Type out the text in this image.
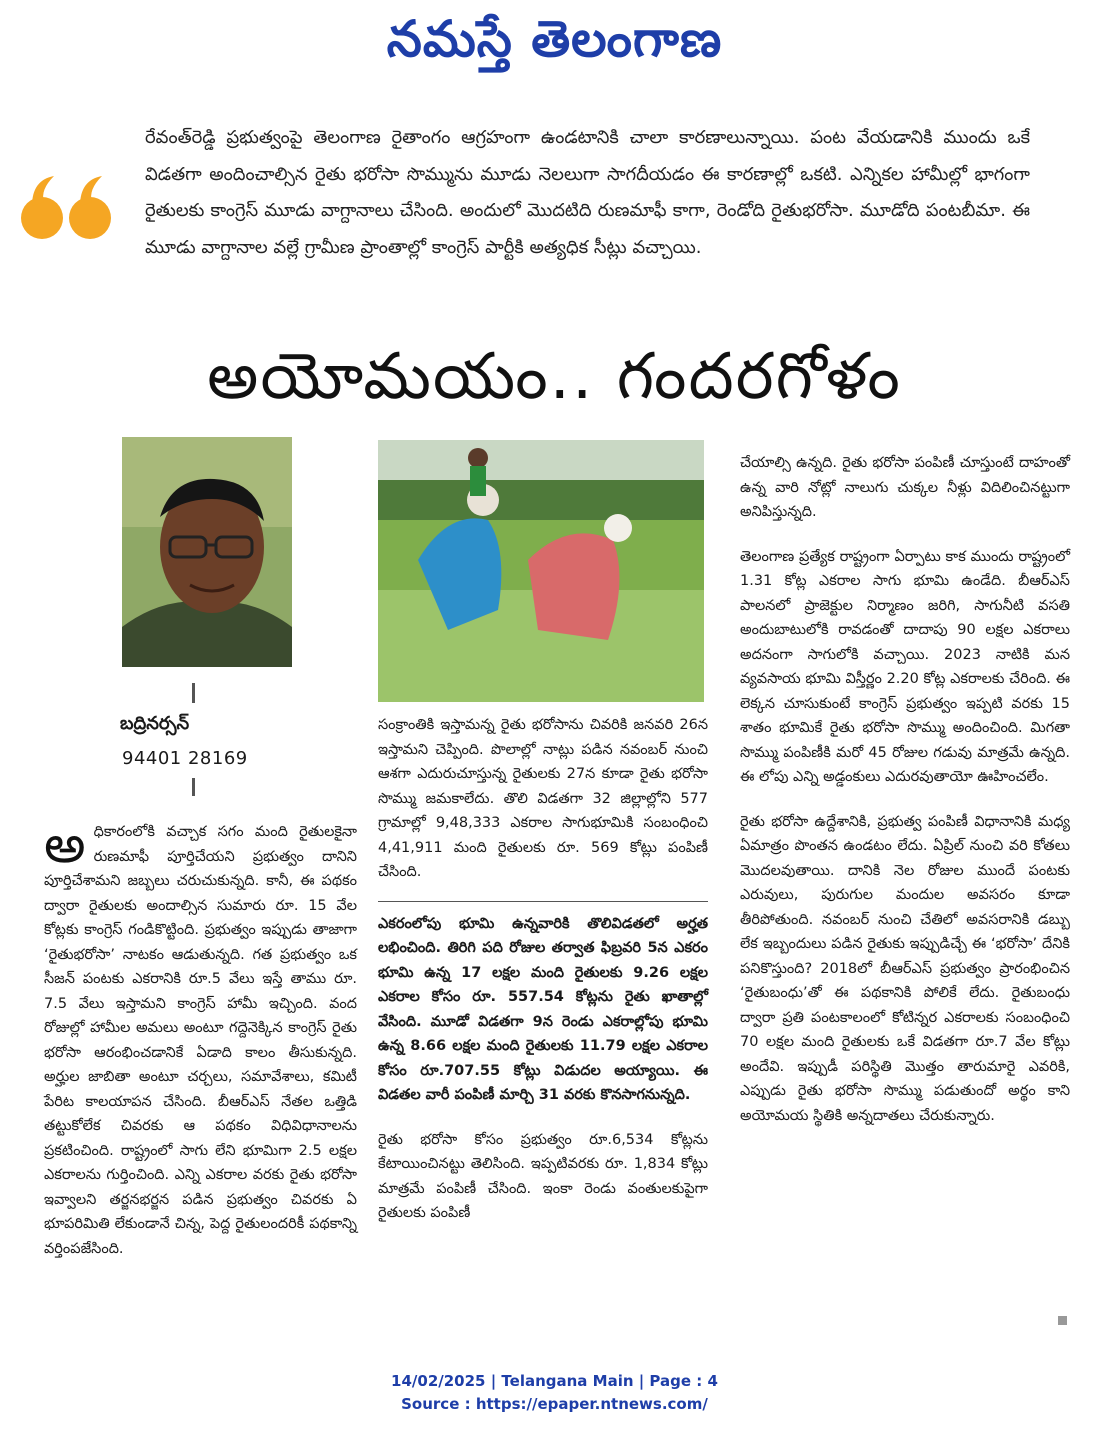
నమస్తే తెలంగాణ
రేవంత్‌రెడ్డి ప్రభుత్వంపై తెలంగాణ రైతాంగం ఆగ్రహంగా ఉండటానికి చాలా కారణాలున్నాయి. పంట వేయడానికి ముందు ఒకే విడతగా అందించాల్సిన రైతు భరోసా సొమ్మును మూడు నెలలుగా సాగదీయడం ఈ కారణాల్లో ఒకటి. ఎన్నికల హామీల్లో భాగంగా రైతులకు కాంగ్రెస్ మూడు వాగ్దానాలు చేసింది. అందులో మొదటిది రుణమాఫీ కాగా, రెండోది రైతుభరోసా. మూడోది పంటబీమా. ఈ మూడు వాగ్దానాల వల్లే గ్రామీణ ప్రాంతాల్లో కాంగ్రెస్ పార్టీకి అత్యధిక సీట్లు వచ్చాయి.
అయోమయం.. గందరగోళం
బద్రినర్సన్
94401 28169

అధికారంలోకి వచ్చాక సగం మంది రైతులకైనా రుణమాఫీ పూర్తిచేయని ప్రభుత్వం దానిని పూర్తిచేశామని జబ్బలు చరుచుకున్నది. కానీ, ఈ పథకం ద్వారా రైతులకు అందాల్సిన సుమారు రూ. 15 వేల కోట్లకు కాంగ్రెస్ గండికొట్టింది. ప్రభుత్వం ఇప్పుడు తాజాగా ‘రైతుభరోసా’ నాటకం ఆడుతున్నది. గత ప్రభుత్వం ఒక సీజన్ పంటకు ఎకరానికి రూ.5 వేలు ఇస్తే తాము రూ. 7.5 వేలు ఇస్తామని కాంగ్రెస్ హామీ ఇచ్చింది. వంద రోజుల్లో హామీల అమలు అంటూ గద్దెనెక్కిన కాంగ్రెస్ రైతు భరోసా ఆరంభించడానికే ఏడాది కాలం తీసుకున్నది. అర్హుల జాబితా అంటూ చర్చలు, సమావేశాలు, కమిటీ పేరిట కాలయాపన చేసింది. బీఆర్‌ఎస్ నేతల ఒత్తిడి తట్టుకోలేక చివరకు ఆ పథకం విధివిధానాలను ప్రకటించింది. రాష్ట్రంలో సాగు లేని భూమిగా 2.5 లక్షల ఎకరాలను గుర్తించింది. ఎన్ని ఎకరాల వరకు రైతు భరోసా ఇవ్వాలని తర్జనభర్జన పడిన ప్రభుత్వం చివరకు ఏ భూపరిమితి లేకుండానే చిన్న, పెద్ద రైతులందరికీ పథకాన్ని వర్తింపజేసింది.

సంక్రాంతికి ఇస్తామన్న రైతు భరోసాను చివరికి జనవరి 26న ఇస్తామని చెప్పింది. పొలాల్లో నాట్లు పడిన నవంబర్ నుంచి ఆశగా ఎదురుచూస్తున్న రైతులకు 27న కూడా రైతు భరోసా సొమ్ము జమకాలేదు. తొలి విడతగా 32 జిల్లాల్లోని 577 గ్రామాల్లో 9,48,333 ఎకరాల సాగుభూమికి సంబంధించి 4,41,911 మంది రైతులకు రూ. 569 కోట్లు పంపిణీ చేసింది.

ఎకరంలోపు భూమి ఉన్నవారికి తొలివిడతలో అర్హత లభించింది. తిరిగి పది రోజుల తర్వాత ఫిబ్రవరి 5న ఎకరం భూమి ఉన్న 17 లక్షల మంది రైతులకు 9.26 లక్షల ఎకరాల కోసం రూ. 557.54 కోట్లను రైతు ఖాతాల్లో వేసింది. మూడో విడతగా 9న రెండు ఎకరాల్లోపు భూమి ఉన్న 8.66 లక్షల మంది రైతులకు 11.79 లక్షల ఎకరాల కోసం రూ.707.55 కోట్లు విడుదల అయ్యాయి. ఈ విడతల వారీ పంపిణీ మార్చి 31 వరకు కొనసాగనున్నది.

రైతు భరోసా కోసం ప్రభుత్వం రూ.6,534 కోట్లను కేటాయించినట్టు తెలిసింది. ఇప్పటివరకు రూ. 1,834 కోట్లు మాత్రమే పంపిణీ చేసింది. ఇంకా రెండు వంతులకుపైగా రైతులకు పంపిణీ

చేయాల్సి ఉన్నది. రైతు భరోసా పంపిణీ చూస్తుంటే దాహంతో ఉన్న వారి నోట్లో నాలుగు చుక్కల నీళ్లు విదిలించినట్టుగా అనిపిస్తున్నది.

తెలంగాణ ప్రత్యేక రాష్ట్రంగా ఏర్పాటు కాక ముందు రాష్ట్రంలో 1.31 కోట్ల ఎకరాల సాగు భూమి ఉండేది. బీఆర్‌ఎస్ పాలనలో ప్రాజెక్టుల నిర్మాణం జరిగి, సాగునీటి వసతి అందుబాటులోకి రావడంతో దాదాపు 90 లక్షల ఎకరాలు అదనంగా సాగులోకి వచ్చాయి. 2023 నాటికి మన వ్యవసాయ భూమి విస్తీర్ణం 2.20 కోట్ల ఎకరాలకు చేరింది. ఈ లెక్కన చూసుకుంటే కాంగ్రెస్ ప్రభుత్వం ఇప్పటి వరకు 15 శాతం భూమికే రైతు భరోసా సొమ్ము అందించింది. మిగతా సొమ్ము పంపిణీకి మరో 45 రోజుల గడువు మాత్రమే ఉన్నది. ఈ లోపు ఎన్ని అడ్డంకులు ఎదురవుతాయో ఊహించలేం.

రైతు భరోసా ఉద్దేశానికి, ప్రభుత్వ పంపిణీ విధానానికి మధ్య ఏమాత్రం పొంతన ఉండటం లేదు. ఏప్రిల్ నుంచి వరి కోతలు మొదలవుతాయి. దానికి నెల రోజుల ముందే పంటకు ఎరువులు, పురుగుల మందుల అవసరం కూడా తీరిపోతుంది. నవంబర్ నుంచి చేతిలో అవసరానికి డబ్బు లేక ఇబ్బందులు పడిన రైతుకు ఇప్పుడిచ్చే ఈ ‘భరోసా’ దేనికి పనికొస్తుంది? 2018లో బీఆర్‌ఎస్ ప్రభుత్వం ప్రారంభించిన ‘రైతుబంధు’తో ఈ పథకానికి పోలికే లేదు. రైతుబంధు ద్వారా ప్రతి పంటకాలంలో కోటిన్నర ఎకరాలకు సంబంధించి 70 లక్షల మంది రైతులకు ఒకే విడతగా రూ.7 వేల కోట్లు అందేవి. ఇప్పుడీ పరిస్థితి మొత్తం తారుమారై ఎవరికి, ఎప్పుడు రైతు భరోసా సొమ్ము పడుతుందో అర్థం కాని అయోమయ స్థితికి అన్నదాతలు చేరుకున్నారు.

14/02/2025 | Telangana Main | Page : 4
Source : https://epaper.ntnews.com/
